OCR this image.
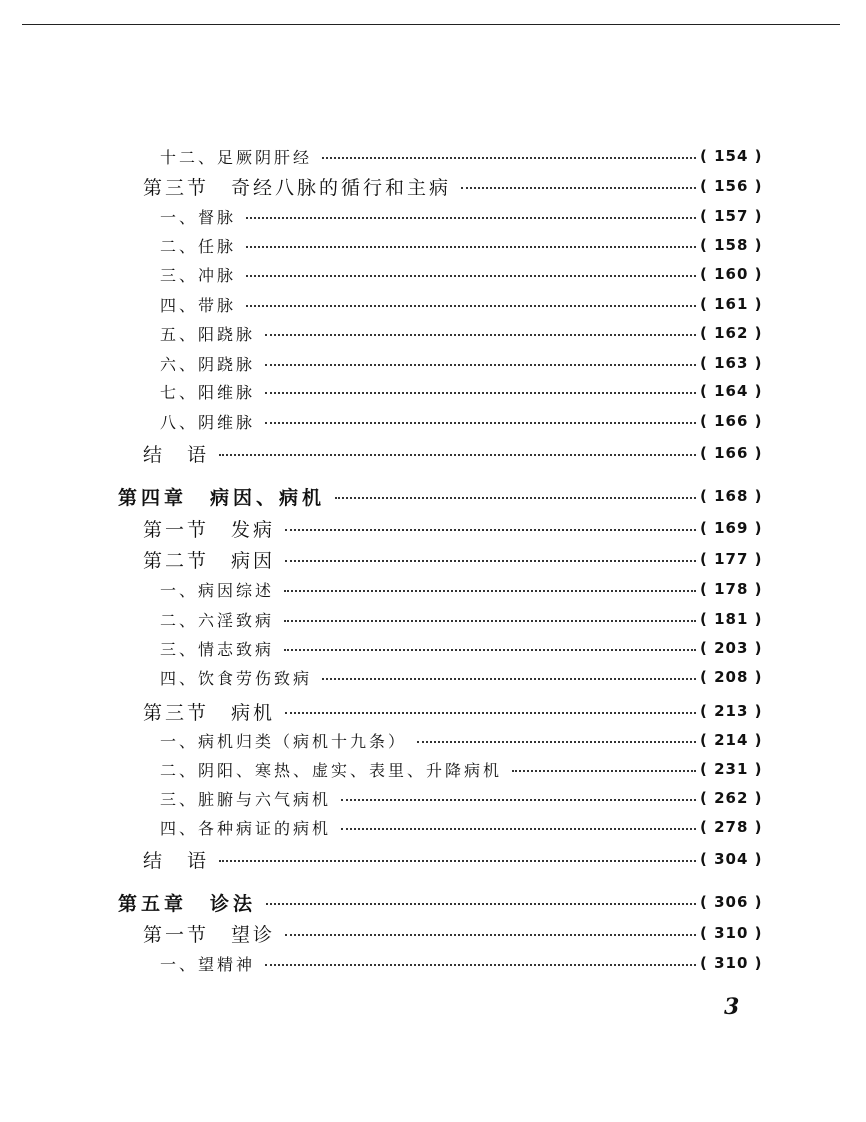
十二、足厥阴肝经	( 154 )
第三节　奇经八脉的循行和主病	( 156 )
一、督脉	( 157 )
二、任脉	( 158 )
三、冲脉	( 160 )
四、带脉	( 161 )
五、阳跷脉	( 162 )
六、阴跷脉	( 163 )
七、阳维脉	( 164 )
八、阴维脉	( 166 )
结　语	( 166 )
第四章　病因、病机	( 168 )
第一节　发病	( 169 )
第二节　病因	( 177 )
一、病因综述	( 178 )
二、六淫致病	( 181 )
三、情志致病	( 203 )
四、饮食劳伤致病	( 208 )
第三节　病机	( 213 )
一、病机归类（病机十九条）	( 214 )
二、阴阳、寒热、虚实、表里、升降病机	( 231 )
三、脏腑与六气病机	( 262 )
四、各种病证的病机	( 278 )
结　语	( 304 )
第五章　诊法	( 306 )
第一节　望诊	( 310 )
一、望精神	( 310 )
3
